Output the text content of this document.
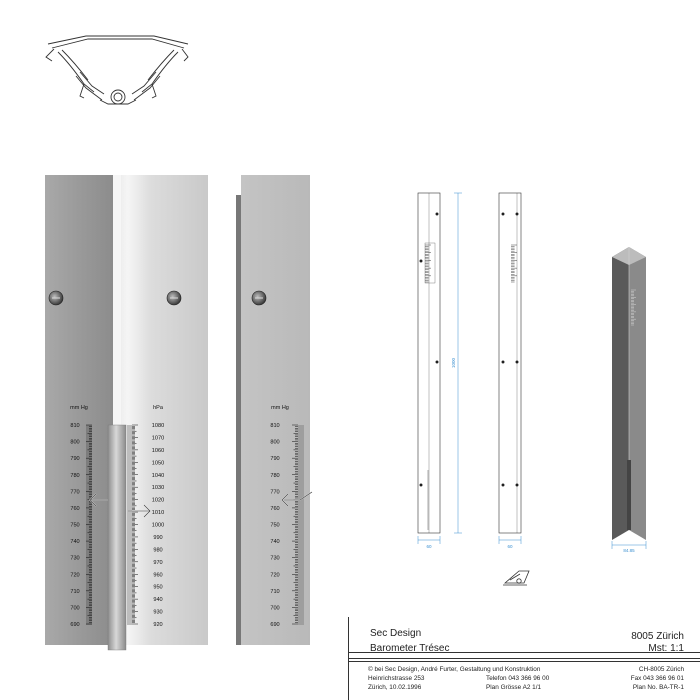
mm Hg	hPa
810
800
790
780
770
760
750
740
730
720
710
700
690
1080
1070
1060
1050
1040
1030
1020
1010
1000
990
980
970
960
950
940
930
920
mm Hg
810
800
790
780
770
760
750
740
730
720
710
700
690
1000
60	60
84.85
Sec Design
Barometer Trésec
8005 Zürich
Mst: 1:1
© bei Sec Design, André Furter, Gestaltung und Konstruktion
Heinrichstrasse 253
Zürich, 10.02.1996
Telefon 043 366 96 00
Plan Grösse A2 1/1
CH-8005 Zürich
Fax 043 366 96 01
Plan No. BA-TR-1
